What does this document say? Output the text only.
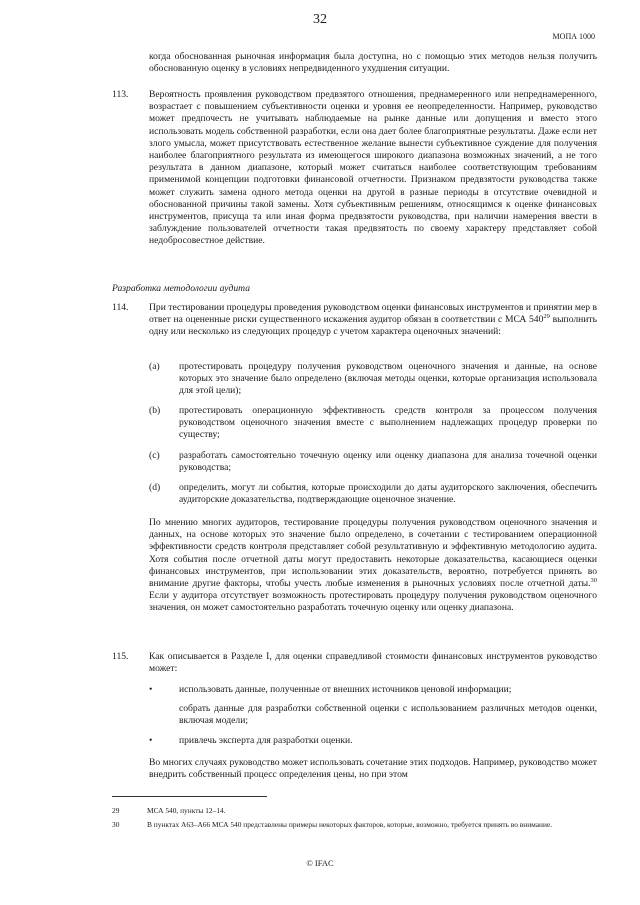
32
МОПА 1000
когда обоснованная рыночная информация была доступна, но с помощью этих методов нельзя получить обоснованную оценку в условиях непредвиденного ухудшения ситуации.
113. Вероятность проявления руководством предвзятого отношения, преднамеренного или непреднамеренного, возрастает с повышением субъективности оценки и уровня ее неопределенности. Например, руководство может предпочесть не учитывать наблюдаемые на рынке данные или допущения и вместо этого использовать модель собственной разработки, если она дает более благоприятные результаты. Даже если нет злого умысла, может присутствовать естественное желание вынести субъективное суждение для получения наиболее благоприятного результата из имеющегося широкого диапазона возможных значений, а не того результата в данном диапазоне, который может считаться наиболее соответствующим требованиям применимой концепции подготовки финансовой отчетности. Признаком предвзятости руководства также может служить замена одного метода оценки на другой в разные периоды в отсутствие очевидной и обоснованной причины такой замены. Хотя субъективным решениям, относящимся к оценке финансовых инструментов, присуща та или иная форма предвзятости руководства, при наличии намерения ввести в заблуждение пользователей отчетности такая предвзятость по своему характеру представляет собой недобросовестное действие.
Разработка методологии аудита
114. При тестировании процедуры проведения руководством оценки финансовых инструментов и принятии мер в ответ на оцененные риски существенного искажения аудитор обязан в соответствии с МСА $540^{29}$ выполнить одну или несколько из следующих процедур с учетом характера оценочных значений:
(a) протестировать процедуру получения руководством оценочного значения и данные, на основе которых это значение было определено (включая методы оценки, которые организация использовала для этой цели);
(b) протестировать операционную эффективность средств контроля за процессом получения руководством оценочного значения вместе с выполнением надлежащих процедур проверки по существу;
(c) разработать самостоятельно точечную оценку или оценку диапазона для анализа точечной оценки руководства;
(d) определить, могут ли события, которые происходили до даты аудиторского заключения, обеспечить аудиторские доказательства, подтверждающие оценочное значение.
По мнению многих аудиторов, тестирование процедуры получения руководством оценочного значения и данных, на основе которых это значение было определено, в сочетании с тестированием операционной эффективности средств контроля представляет собой результативную и эффективную методологию аудита. Хотя события после отчетной даты могут предоставить некоторые доказательства, касающиеся оценки финансовых инструментов, при использовании этих доказательств, вероятно, потребуется принять во внимание другие факторы, чтобы учесть любые изменения в рыночных условиях после отчетной даты.$^{30}$ Если у аудитора отсутствует возможность протестировать процедуру получения руководством оценочного значения, он может самостоятельно разработать точечную оценку или оценку диапазона.
115. Как описывается в Разделе I, для оценки справедливой стоимости финансовых инструментов руководство может:
•	использовать данные, полученные от внешних источников ценовой информации;
собрать данные для разработки собственной оценки с использованием различных методов оценки, включая модели;
•	привлечь эксперта для разработки оценки.
Во многих случаях руководство может использовать сочетание этих подходов. Например, руководство может внедрить собственный процесс определения цены, но при этом
29	МСА 540, пункты 12–14.
30	В пунктах А63–А66 МСА 540 представлены примеры некоторых факторов, которые, возможно, требуется принять во внимание.
© IFAC
